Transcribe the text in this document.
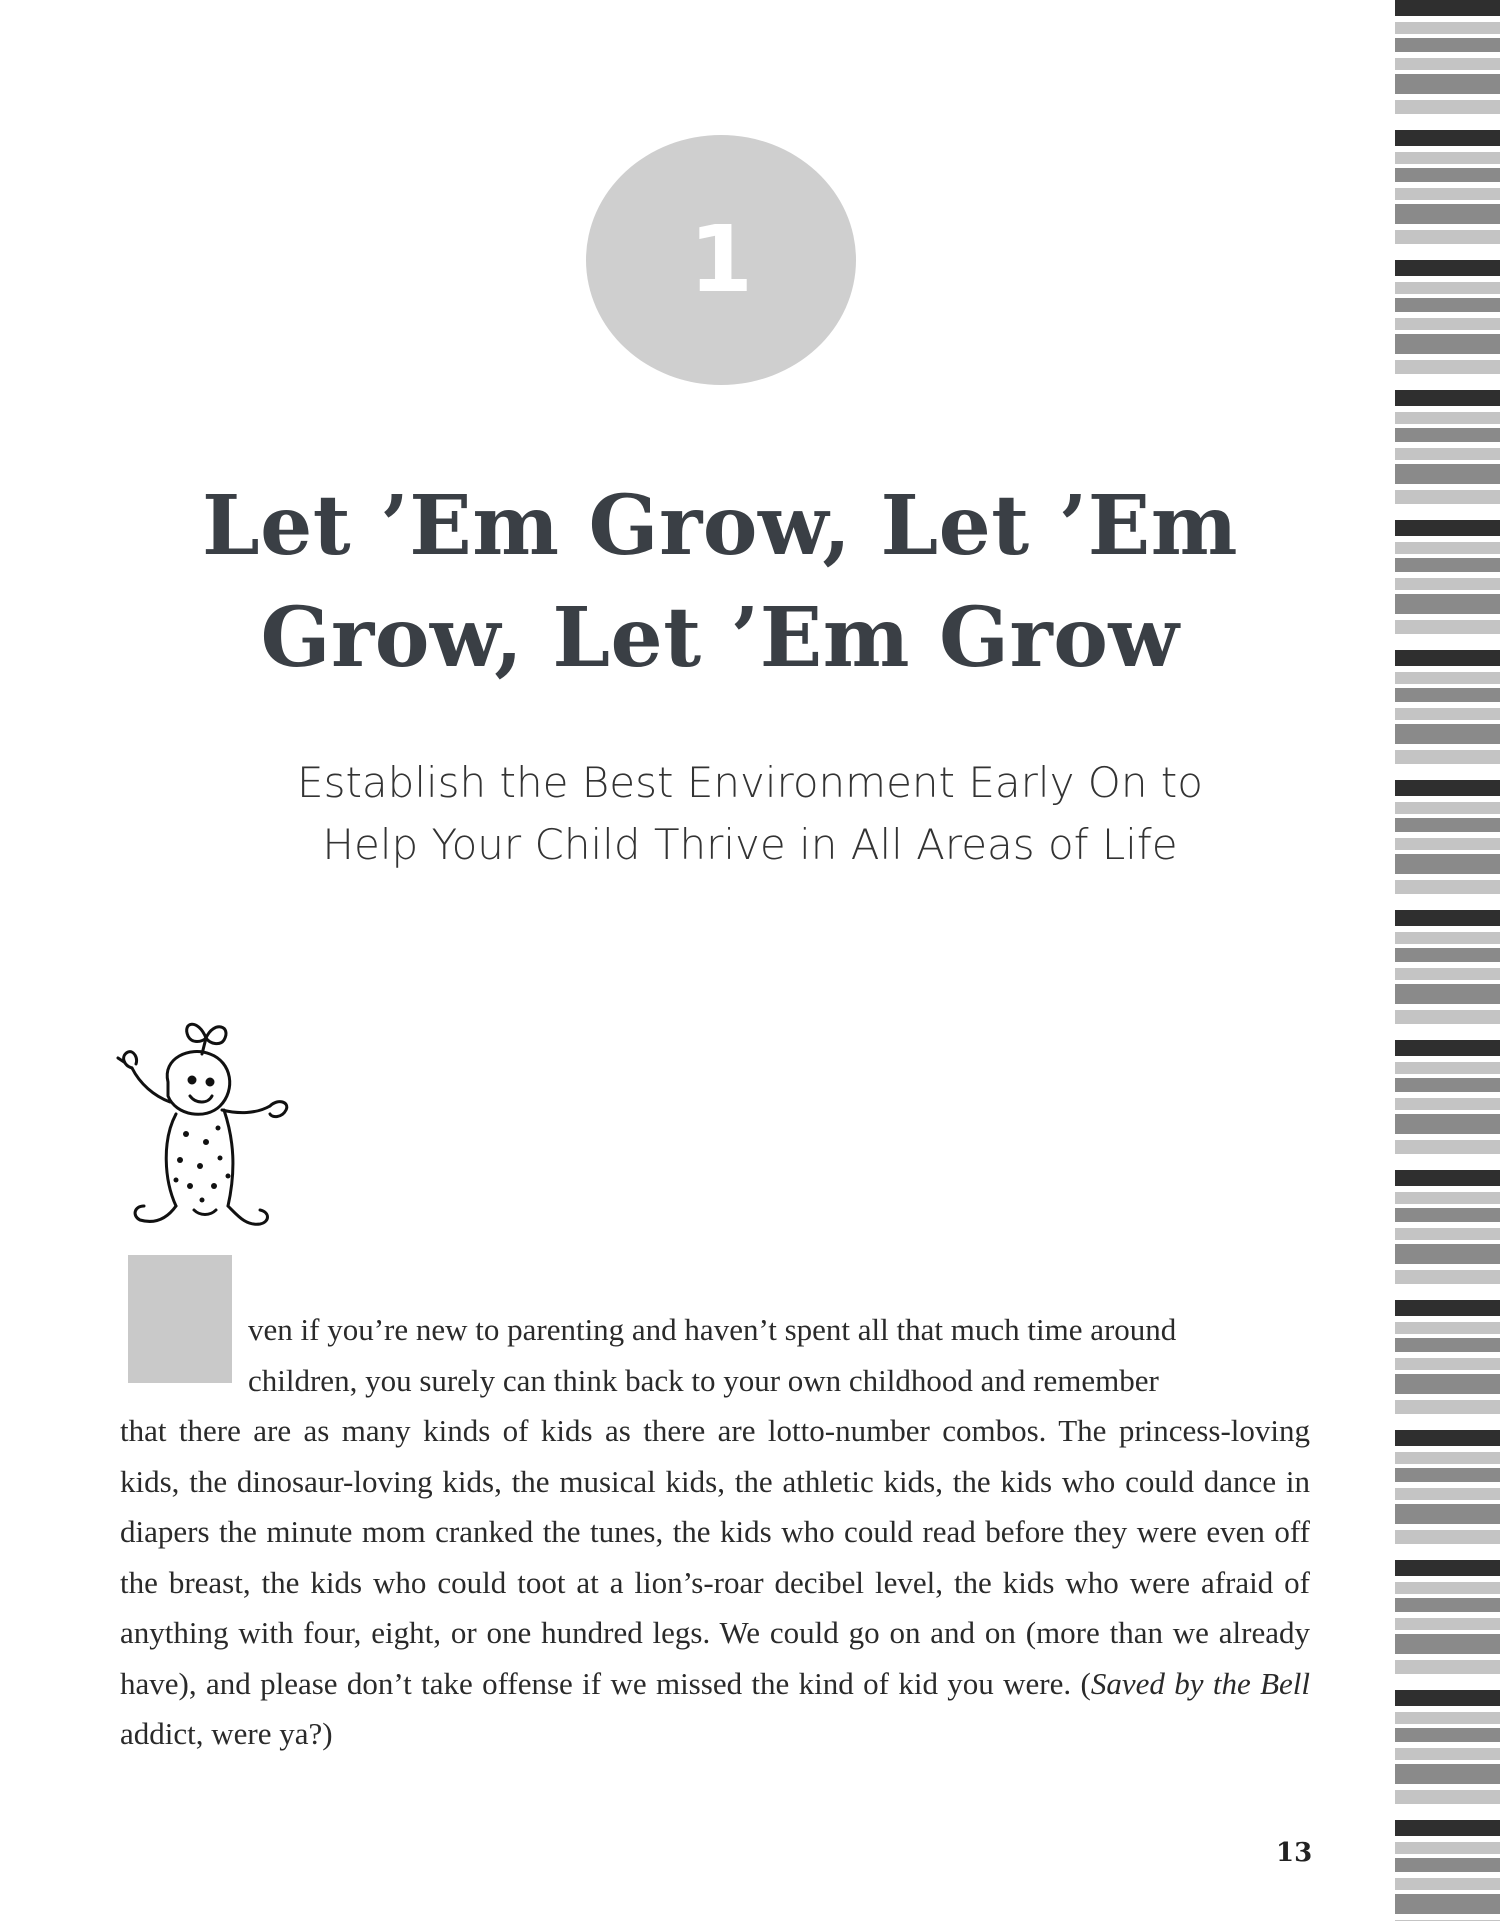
1
Let ’Em Grow, Let ’Em
Grow, Let ’Em Grow
Establish the Best Environment Early On to
Help Your Child Thrive in All Areas of Life

ven if you’re new to parenting and haven’t spent all that much time around
children, you surely can think back to your own childhood and remember
that there are as many kinds of kids as there are lotto-number combos. The princess-loving kids, the dinosaur-loving kids, the musical kids, the athletic kids, the kids who could dance in diapers the minute mom cranked the tunes, the kids who could read before they were even off the breast, the kids who could toot at a lion’s-roar decibel level, the kids who were afraid of anything with four, eight, or one hundred legs. We could go on and on (more than we already have), and please don’t take offense if we missed the kind of kid you were. (Saved by the Bell addict, were ya?)

13
